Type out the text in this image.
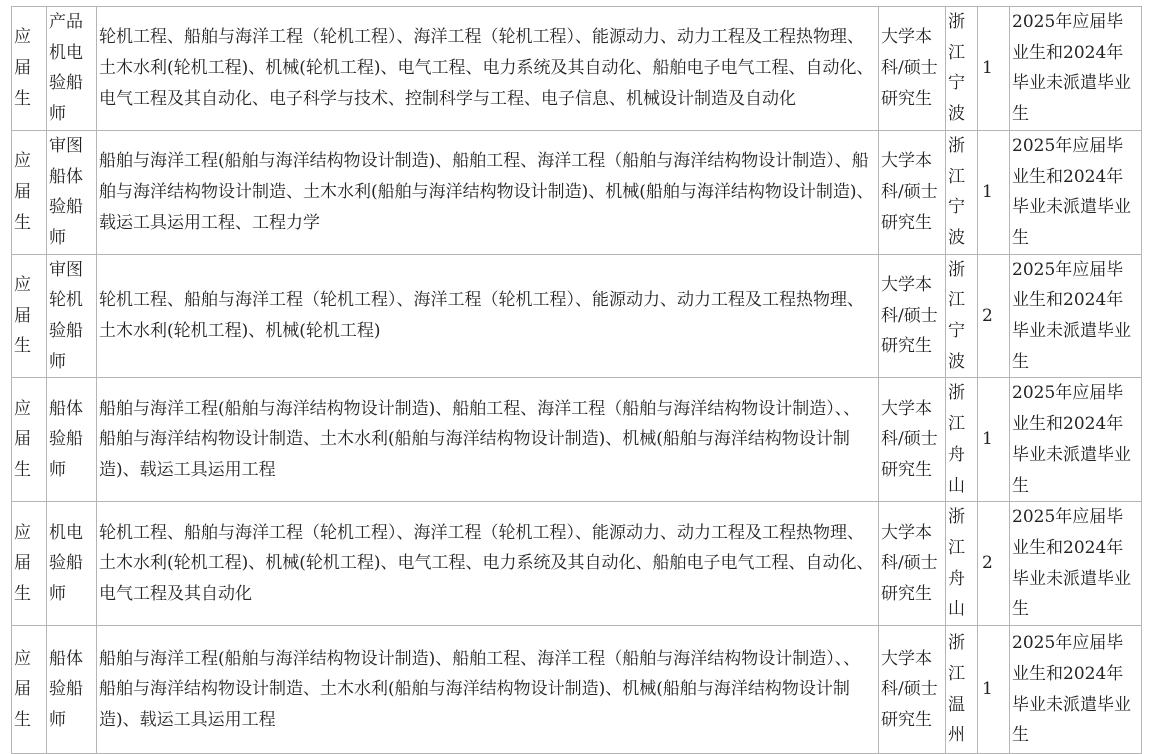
应届生	产品机电验船师	轮机工程、船舶与海洋工程（轮机工程）、海洋工程（轮机工程）、能源动力、动力工程及工程热物理、土木水利(轮机工程)、机械(轮机工程)、电气工程、电力系统及其自动化、船舶电子电气工程、自动化、电气工程及其自动化、电子科学与技术、控制科学与工程、电子信息、机械设计制造及自动化	大学本科/硕士研究生	浙江宁波	1	2025年应届毕业生和2024年毕业未派遣毕业生
应届生	审图船体验船师	船舶与海洋工程(船舶与海洋结构物设计制造)、船舶工程、海洋工程（船舶与海洋结构物设计制造）、船舶与海洋结构物设计制造、土木水利(船舶与海洋结构物设计制造)、机械(船舶与海洋结构物设计制造)、载运工具运用工程、工程力学	大学本科/硕士研究生	浙江宁波	1	2025年应届毕业生和2024年毕业未派遣毕业生
应届生	审图轮机验船师	轮机工程、船舶与海洋工程（轮机工程）、海洋工程（轮机工程）、能源动力、动力工程及工程热物理、土木水利(轮机工程)、机械(轮机工程)	大学本科/硕士研究生	浙江宁波	2	2025年应届毕业生和2024年毕业未派遣毕业生
应届生	船体验船师	船舶与海洋工程(船舶与海洋结构物设计制造)、船舶工程、海洋工程（船舶与海洋结构物设计制造）、、船舶与海洋结构物设计制造、土木水利(船舶与海洋结构物设计制造)、机械(船舶与海洋结构物设计制造)、载运工具运用工程	大学本科/硕士研究生	浙江舟山	1	2025年应届毕业生和2024年毕业未派遣毕业生
应届生	机电验船师	轮机工程、船舶与海洋工程（轮机工程）、海洋工程（轮机工程）、能源动力、动力工程及工程热物理、土木水利(轮机工程)、机械(轮机工程)、电气工程、电力系统及其自动化、船舶电子电气工程、自动化、电气工程及其自动化	大学本科/硕士研究生	浙江舟山	2	2025年应届毕业生和2024年毕业未派遣毕业生
应届生	船体验船师	船舶与海洋工程(船舶与海洋结构物设计制造)、船舶工程、海洋工程（船舶与海洋结构物设计制造）、、船舶与海洋结构物设计制造、土木水利(船舶与海洋结构物设计制造)、机械(船舶与海洋结构物设计制造)、载运工具运用工程	大学本科/硕士研究生	浙江温州	1	2025年应届毕业生和2024年毕业未派遣毕业生
